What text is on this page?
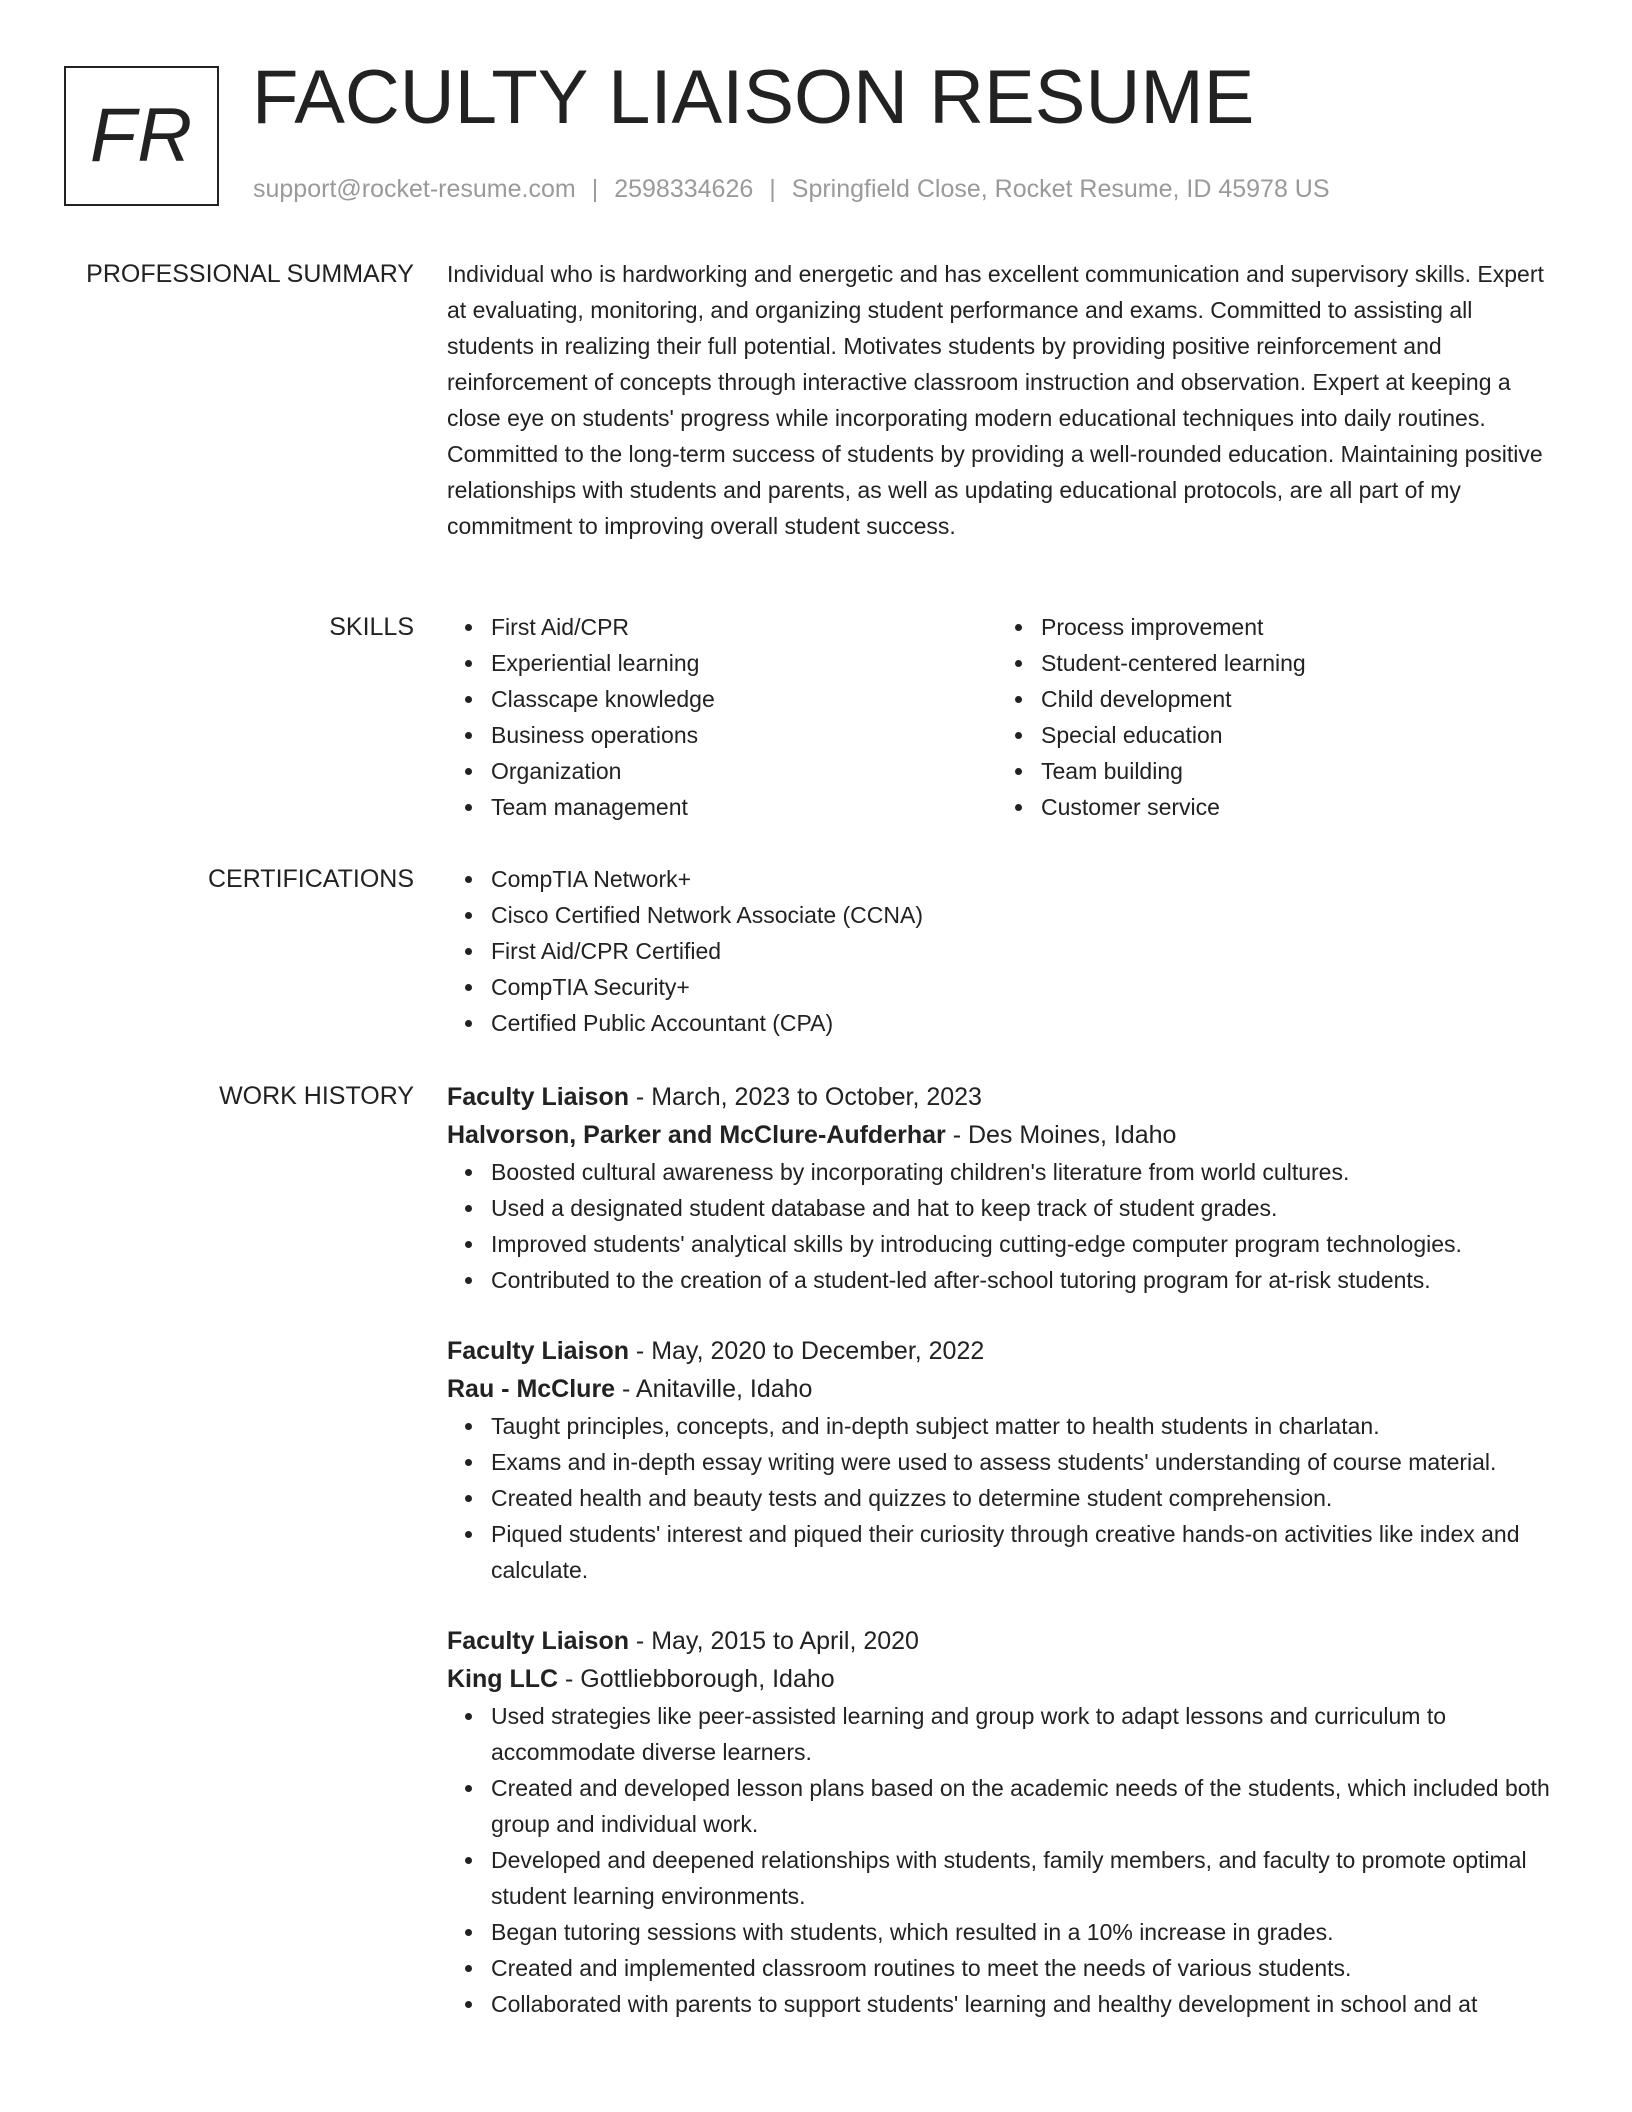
FR FACULTY LIAISON RESUME
support@rocket-resume.com | 2598334626 | Springfield Close, Rocket Resume, ID 45978 US
PROFESSIONAL SUMMARY Individual who is hardworking and energetic and has excellent communication and supervisory skills. Expert at evaluating, monitoring, and organizing student performance and exams. Committed to assisting all students in realizing their full potential. Motivates students by providing positive reinforcement and reinforcement of concepts through interactive classroom instruction and observation. Expert at keeping a close eye on students' progress while incorporating modern educational techniques into daily routines. Committed to the long-term success of students by providing a well-rounded education. Maintaining positive relationships with students and parents, as well as updating educational protocols, are all part of my commitment to improving overall student success.

SKILLS	First Aid/CPR
Experiential learning
Classcape knowledge
Business operations
Organization
Team management
Process improvement
Student-centered learning
Child development
Special education
Team building
Customer service
CERTIFICATIONS	CompTIA Network+
Cisco Certified Network Associate (CCNA)
First Aid/CPR Certified
CompTIA Security+
Certified Public Accountant (CPA)
WORK HISTORY Faculty Liaison - March, 2023 to October, 2023
Halvorson, Parker and McClure-Aufderhar - Des Moines, Idaho
Boosted cultural awareness by incorporating children's literature from world cultures.
Used a designated student database and hat to keep track of student grades.
Improved students' analytical skills by introducing cutting-edge computer program technologies.
Contributed to the creation of a student-led after-school tutoring program for at-risk students.
Faculty Liaison - May, 2020 to December, 2022
Rau - McClure - Anitaville, Idaho
Taught principles, concepts, and in-depth subject matter to health students in charlatan.
Exams and in-depth essay writing were used to assess students' understanding of course material.
Created health and beauty tests and quizzes to determine student comprehension.
Piqued students' interest and piqued their curiosity through creative hands-on activities like index and calculate.
Faculty Liaison - May, 2015 to April, 2020
King LLC - Gottliebborough, Idaho
Used strategies like peer-assisted learning and group work to adapt lessons and curriculum to accommodate diverse learners.
Created and developed lesson plans based on the academic needs of the students, which included both group and individual work.
Developed and deepened relationships with students, family members, and faculty to promote optimal student learning environments.
Began tutoring sessions with students, which resulted in a 10% increase in grades.
Created and implemented classroom routines to meet the needs of various students.
Collaborated with parents to support students' learning and healthy development in school and at
